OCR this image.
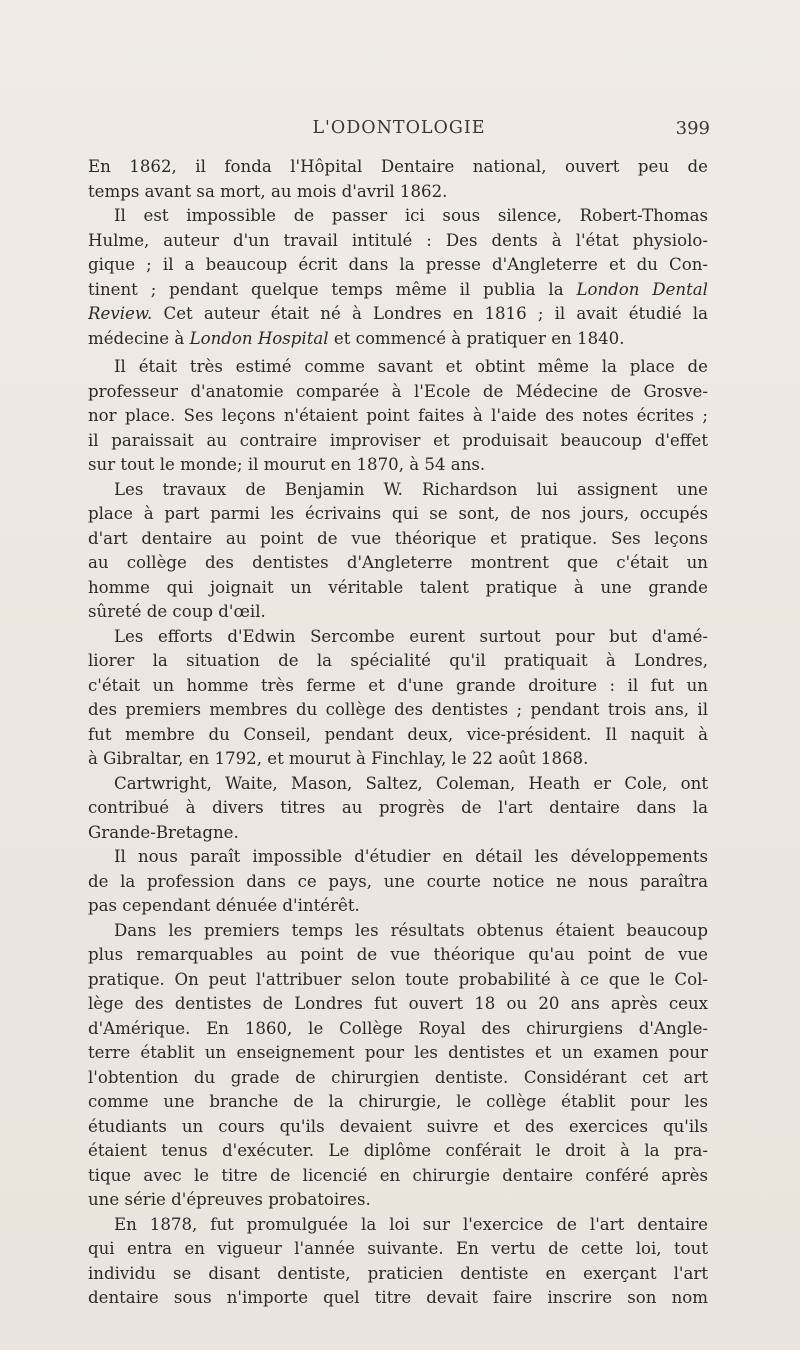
L'ODONTOLOGIE	399
En 1862, il fonda l'Hôpital Dentaire national, ouvert peu de
temps avant sa mort, au mois d'avril 1862.
Il est impossible de passer ici sous silence, Robert-Thomas
Hulme, auteur d'un travail intitulé : Des dents à l'état physiolo-
gique ; il a beaucoup écrit dans la presse d'Angleterre et du Con-
tinent ; pendant quelque temps même il publia la London Dental
Review. Cet auteur était né à Londres en 1816 ; il avait étudié la
médecine à London Hospital et commencé à pratiquer en 1840.
Il était très estimé comme savant et obtint même la place de
professeur d'anatomie comparée à l'Ecole de Médecine de Grosve-
nor place. Ses leçons n'étaient point faites à l'aide des notes écrites ;
il paraissait au contraire improviser et produisait beaucoup d'effet
sur tout le monde; il mourut en 1870, à 54 ans.
Les travaux de Benjamin W. Richardson lui assignent une
place à part parmi les écrivains qui se sont, de nos jours, occupés
d'art dentaire au point de vue théorique et pratique. Ses leçons
au collège des dentistes d'Angleterre montrent que c'était un
homme qui joignait un véritable talent pratique à une grande
sûreté de coup d'œil.
Les efforts d'Edwin Sercombe eurent surtout pour but d'amé-
liorer la situation de la spécialité qu'il pratiquait à Londres,
c'était un homme très ferme et d'une grande droiture : il fut un
des premiers membres du collège des dentistes ; pendant trois ans, il
fut membre du Conseil, pendant deux, vice-président. Il naquit à
à Gibraltar, en 1792, et mourut à Finchlay, le 22 août 1868.
Cartwright, Waite, Mason, Saltez, Coleman, Heath er Cole, ont
contribué à divers titres au progrès de l'art dentaire dans la
Grande-Bretagne.
Il nous paraît impossible d'étudier en détail les développements
de la profession dans ce pays, une courte notice ne nous paraîtra
pas cependant dénuée d'intérêt.
Dans les premiers temps les résultats obtenus étaient beaucoup
plus remarquables au point de vue théorique qu'au point de vue
pratique. On peut l'attribuer selon toute probabilité à ce que le Col-
lège des dentistes de Londres fut ouvert 18 ou 20 ans après ceux
d'Amérique. En 1860, le Collège Royal des chirurgiens d'Angle-
terre établit un enseignement pour les dentistes et un examen pour
l'obtention du grade de chirurgien dentiste. Considérant cet art
comme une branche de la chirurgie, le collège établit pour les
étudiants un cours qu'ils devaient suivre et des exercices qu'ils
étaient tenus d'exécuter. Le diplôme conférait le droit à la pra-
tique avec le titre de licencié en chirurgie dentaire conféré après
une série d'épreuves probatoires.
En 1878, fut promulguée la loi sur l'exercice de l'art dentaire
qui entra en vigueur l'année suivante. En vertu de cette loi, tout
individu se disant dentiste, praticien dentiste en exerçant l'art
dentaire sous n'importe quel titre devait faire inscrire son nom
